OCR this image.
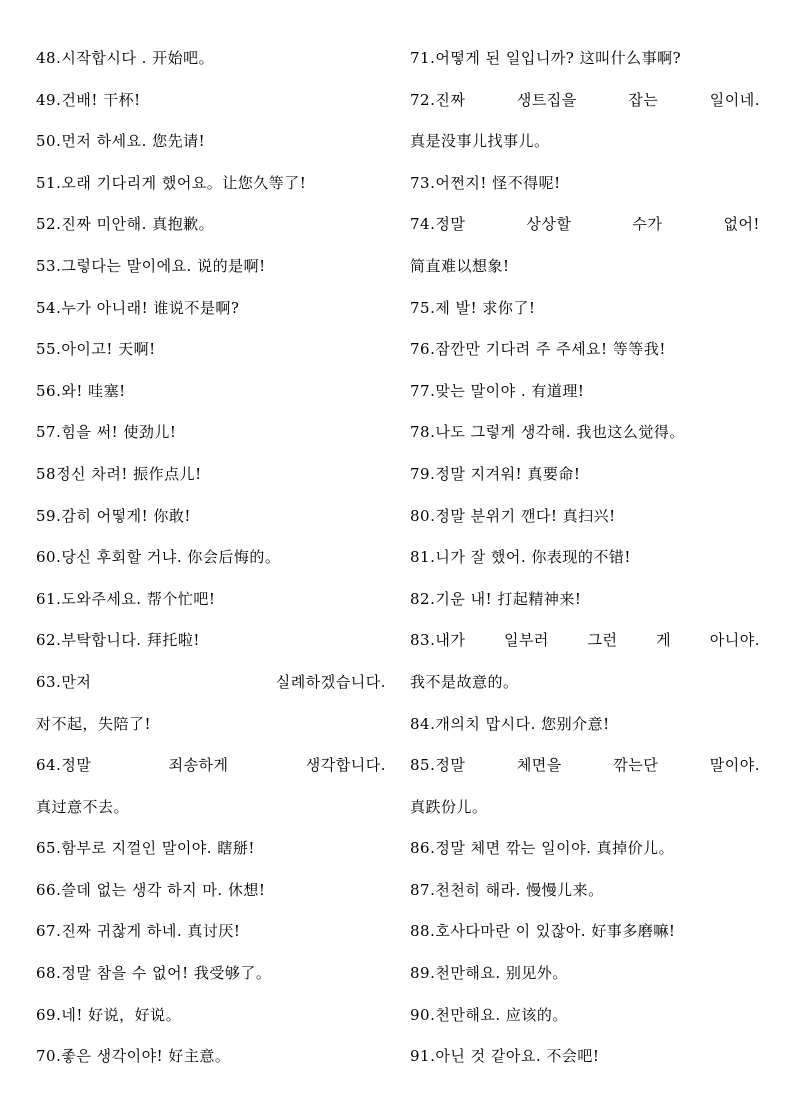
48.시작합시다 . 开始吧。
49.건배! 干杯!
50.먼저 하세요. 您先请!
51.오래 기다리게 했어요。让您久等了!
52.진짜 미안해. 真抱歉。
53.그렇다는 말이에요. 说的是啊!
54.누가 아니래! 谁说不是啊?
55.아이고! 天啊!
56.와! 哇塞!
57.힘을 써! 使劲儿!
58정신 차려! 振作点儿!
59.감히 어떻게! 你敢!
60.당신 후회할 거냐. 你会后悔的。
61.도와주세요. 帮个忙吧!
62.부탁합니다. 拜托啦!
63.만저	실례하겠습니다.
对不起，失陪了!
64.정말	죄송하게	생각합니다.
真过意不去。
65.함부로 지껄인 말이야. 瞎掰!
66.쓸데 없는 생각 하지 마. 休想!
67.진짜 귀찮게 하네. 真讨厌!
68.정말 참을 수 없어! 我受够了。
69.네! 好说，好说。
70.좋은 생각이야! 好主意。
71.어떻게 된 일입니까? 这叫什么事啊?
72.진짜	생트집을	잡는	일이네.
真是没事儿找事儿。
73.어쩐지! 怪不得呢!
74.정말	상상할	수가	없어!
简直难以想象!
75.제 발! 求你了!
76.잠깐만 기다려 주 주세요! 等等我!
77.맞는 말이야 . 有道理!
78.나도 그렇게 생각해. 我也这么觉得。
79.정말 지겨워! 真要命!
80.정말 분위기 깬다! 真扫兴!
81.니가 잘 했어. 你表现的不错!
82.기운 내! 打起精神来!
83.내가	일부러	그런	게	아니야.
我不是故意的。
84.개의치 맙시다. 您别介意!
85.정말	체면을	깎는단	말이야.
真跌份儿。
86.정말 체면 깎는 일이야. 真掉价儿。
87.천천히 해라. 慢慢儿来。
88.호사다마란 이 있잖아. 好事多磨嘛!
89.천만해요. 别见外。
90.천만해요. 应该的。
91.아닌 것 같아요. 不会吧!
